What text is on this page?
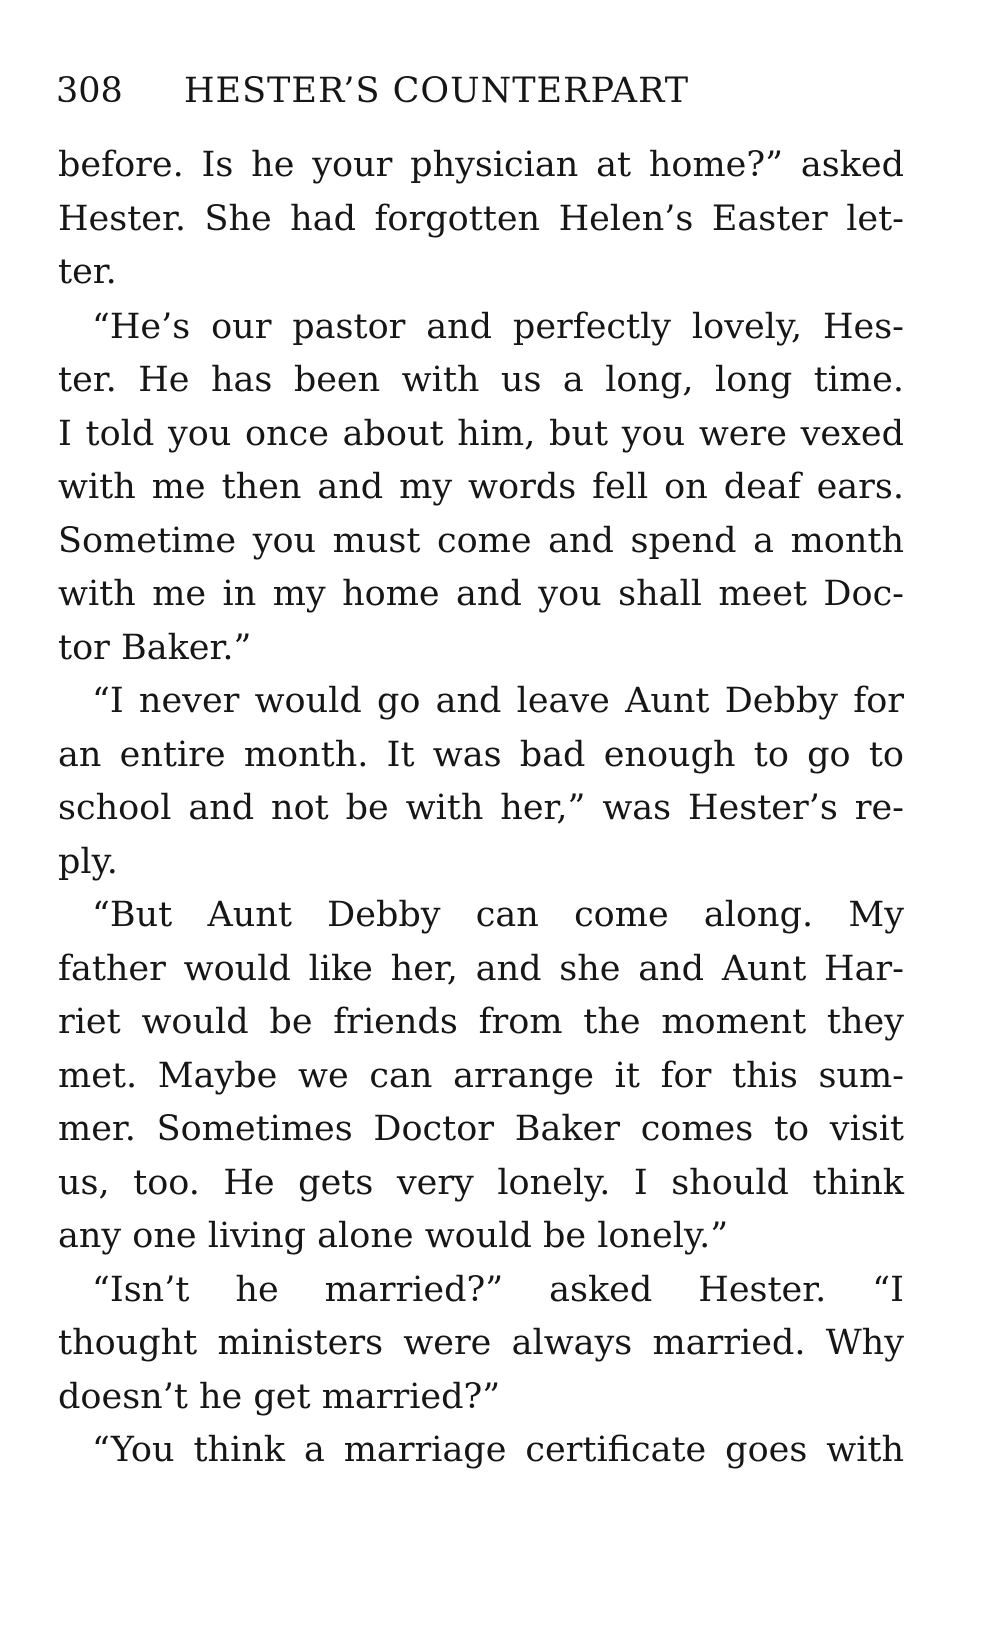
308 HESTER’S COUNTERPART
before. Is he your physician at home?” asked
Hester. She had forgotten Helen’s Easter let-
ter.
“He’s our pastor and perfectly lovely, Hes-
ter. He has been with us a long, long time.
I told you once about him, but you were vexed
with me then and my words fell on deaf ears.
Sometime you must come and spend a month
with me in my home and you shall meet Doc-
tor Baker.”
“I never would go and leave Aunt Debby for
an entire month. It was bad enough to go to
school and not be with her,” was Hester’s re-
ply.
“But Aunt Debby can come along. My
father would like her, and she and Aunt Har-
riet would be friends from the moment they
met. Maybe we can arrange it for this sum-
mer. Sometimes Doctor Baker comes to visit
us, too. He gets very lonely. I should think
any one living alone would be lonely.”
“Isn’t he married?” asked Hester. “I
thought ministers were always married. Why
doesn’t he get married?”
“You think a marriage certificate goes with
